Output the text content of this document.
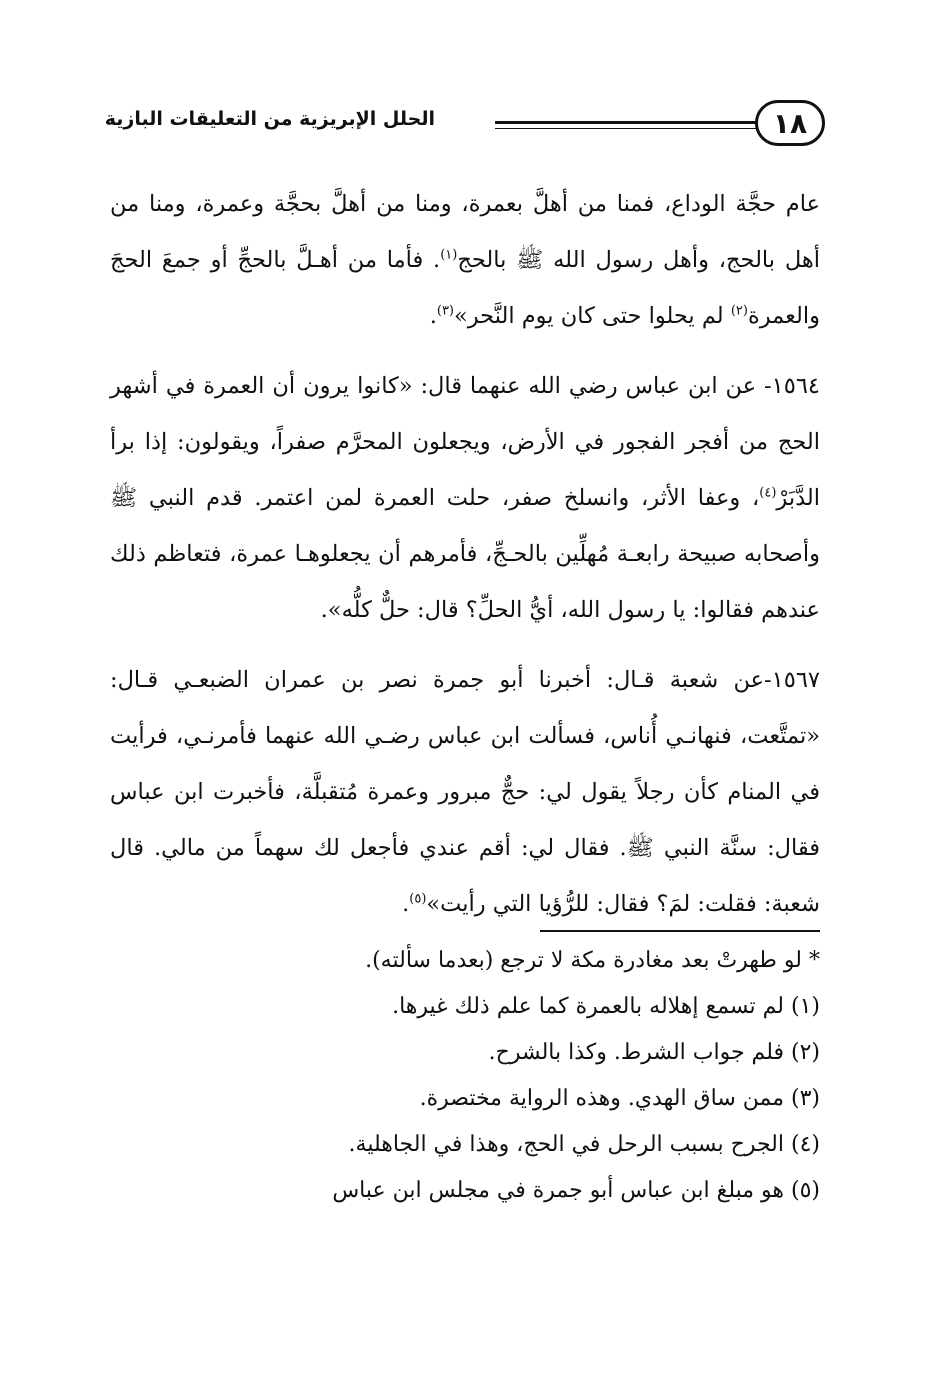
١٨
الحلل الإبريزية من التعليقات البازية

عام حجَّة الوداع، فمنا من أهلَّ بعمرة، ومنا من أهلَّ بحجَّة وعمرة، ومنا من أهل بالحج، وأهل رسول الله ﷺ بالحج$^{(١)}$. فأما من أهـلَّ بالحجِّ أو جمعَ الحجَ والعمرة$^{(٢)}$ لم يحلوا حتى كان يوم النَّحر»$^{(٣)}$.

١٥٦٤- عن ابن عباس رضي الله عنهما قال: «كانوا يرون أن العمرة في أشهر الحج من أفجر الفجور في الأرض، ويجعلون المحرَّم صفراً، ويقولون: إذا برأ الدَّبَرْ$^{(٤)}$، وعفا الأثر، وانسلخ صفر، حلت العمرة لمن اعتمر. قدم النبي ﷺ وأصحابه صبيحة رابعـة مُهلِّين بالحـجِّ، فأمرهم أن يجعلوهـا عمرة، فتعاظم ذلك عندهم فقالوا: يا رسول الله، أيُّ الحلِّ؟ قال: حلٌّ كلُّه».

١٥٦٧-عن شعبة قـال: أخبرنا أبو جمرة نصر بن عمران الضبعـي قـال: «تمتَّعت، فنهانـي أُناس، فسألت ابن عباس رضـي الله عنهما فأمرنـي، فرأيت في المنام كأن رجلاً يقول لي: حجٌّ مبرور وعمرة مُتقبلَّة، فأخبرت ابن عباس فقال: سنَّة النبي ﷺ. فقال لي: أقم عندي فأجعل لك سهماً من مالي. قال شعبة: فقلت: لمَ؟ فقال: للرُّؤيا التي رأيت»$^{(٥)}$.

* لو طهرتْ بعد مغادرة مكة لا ترجع (بعدما سألته).

(١) لم تسمع إهلاله بالعمرة كما علم ذلك غيرها.

(٢) فلم جواب الشرط. وكذا بالشرح.

(٣) ممن ساق الهدي. وهذه الرواية مختصرة.

(٤) الجرح بسبب الرحل في الحج، وهذا في الجاهلية.

(٥) هو مبلغ ابن عباس أبو جمرة في مجلس ابن عباس
